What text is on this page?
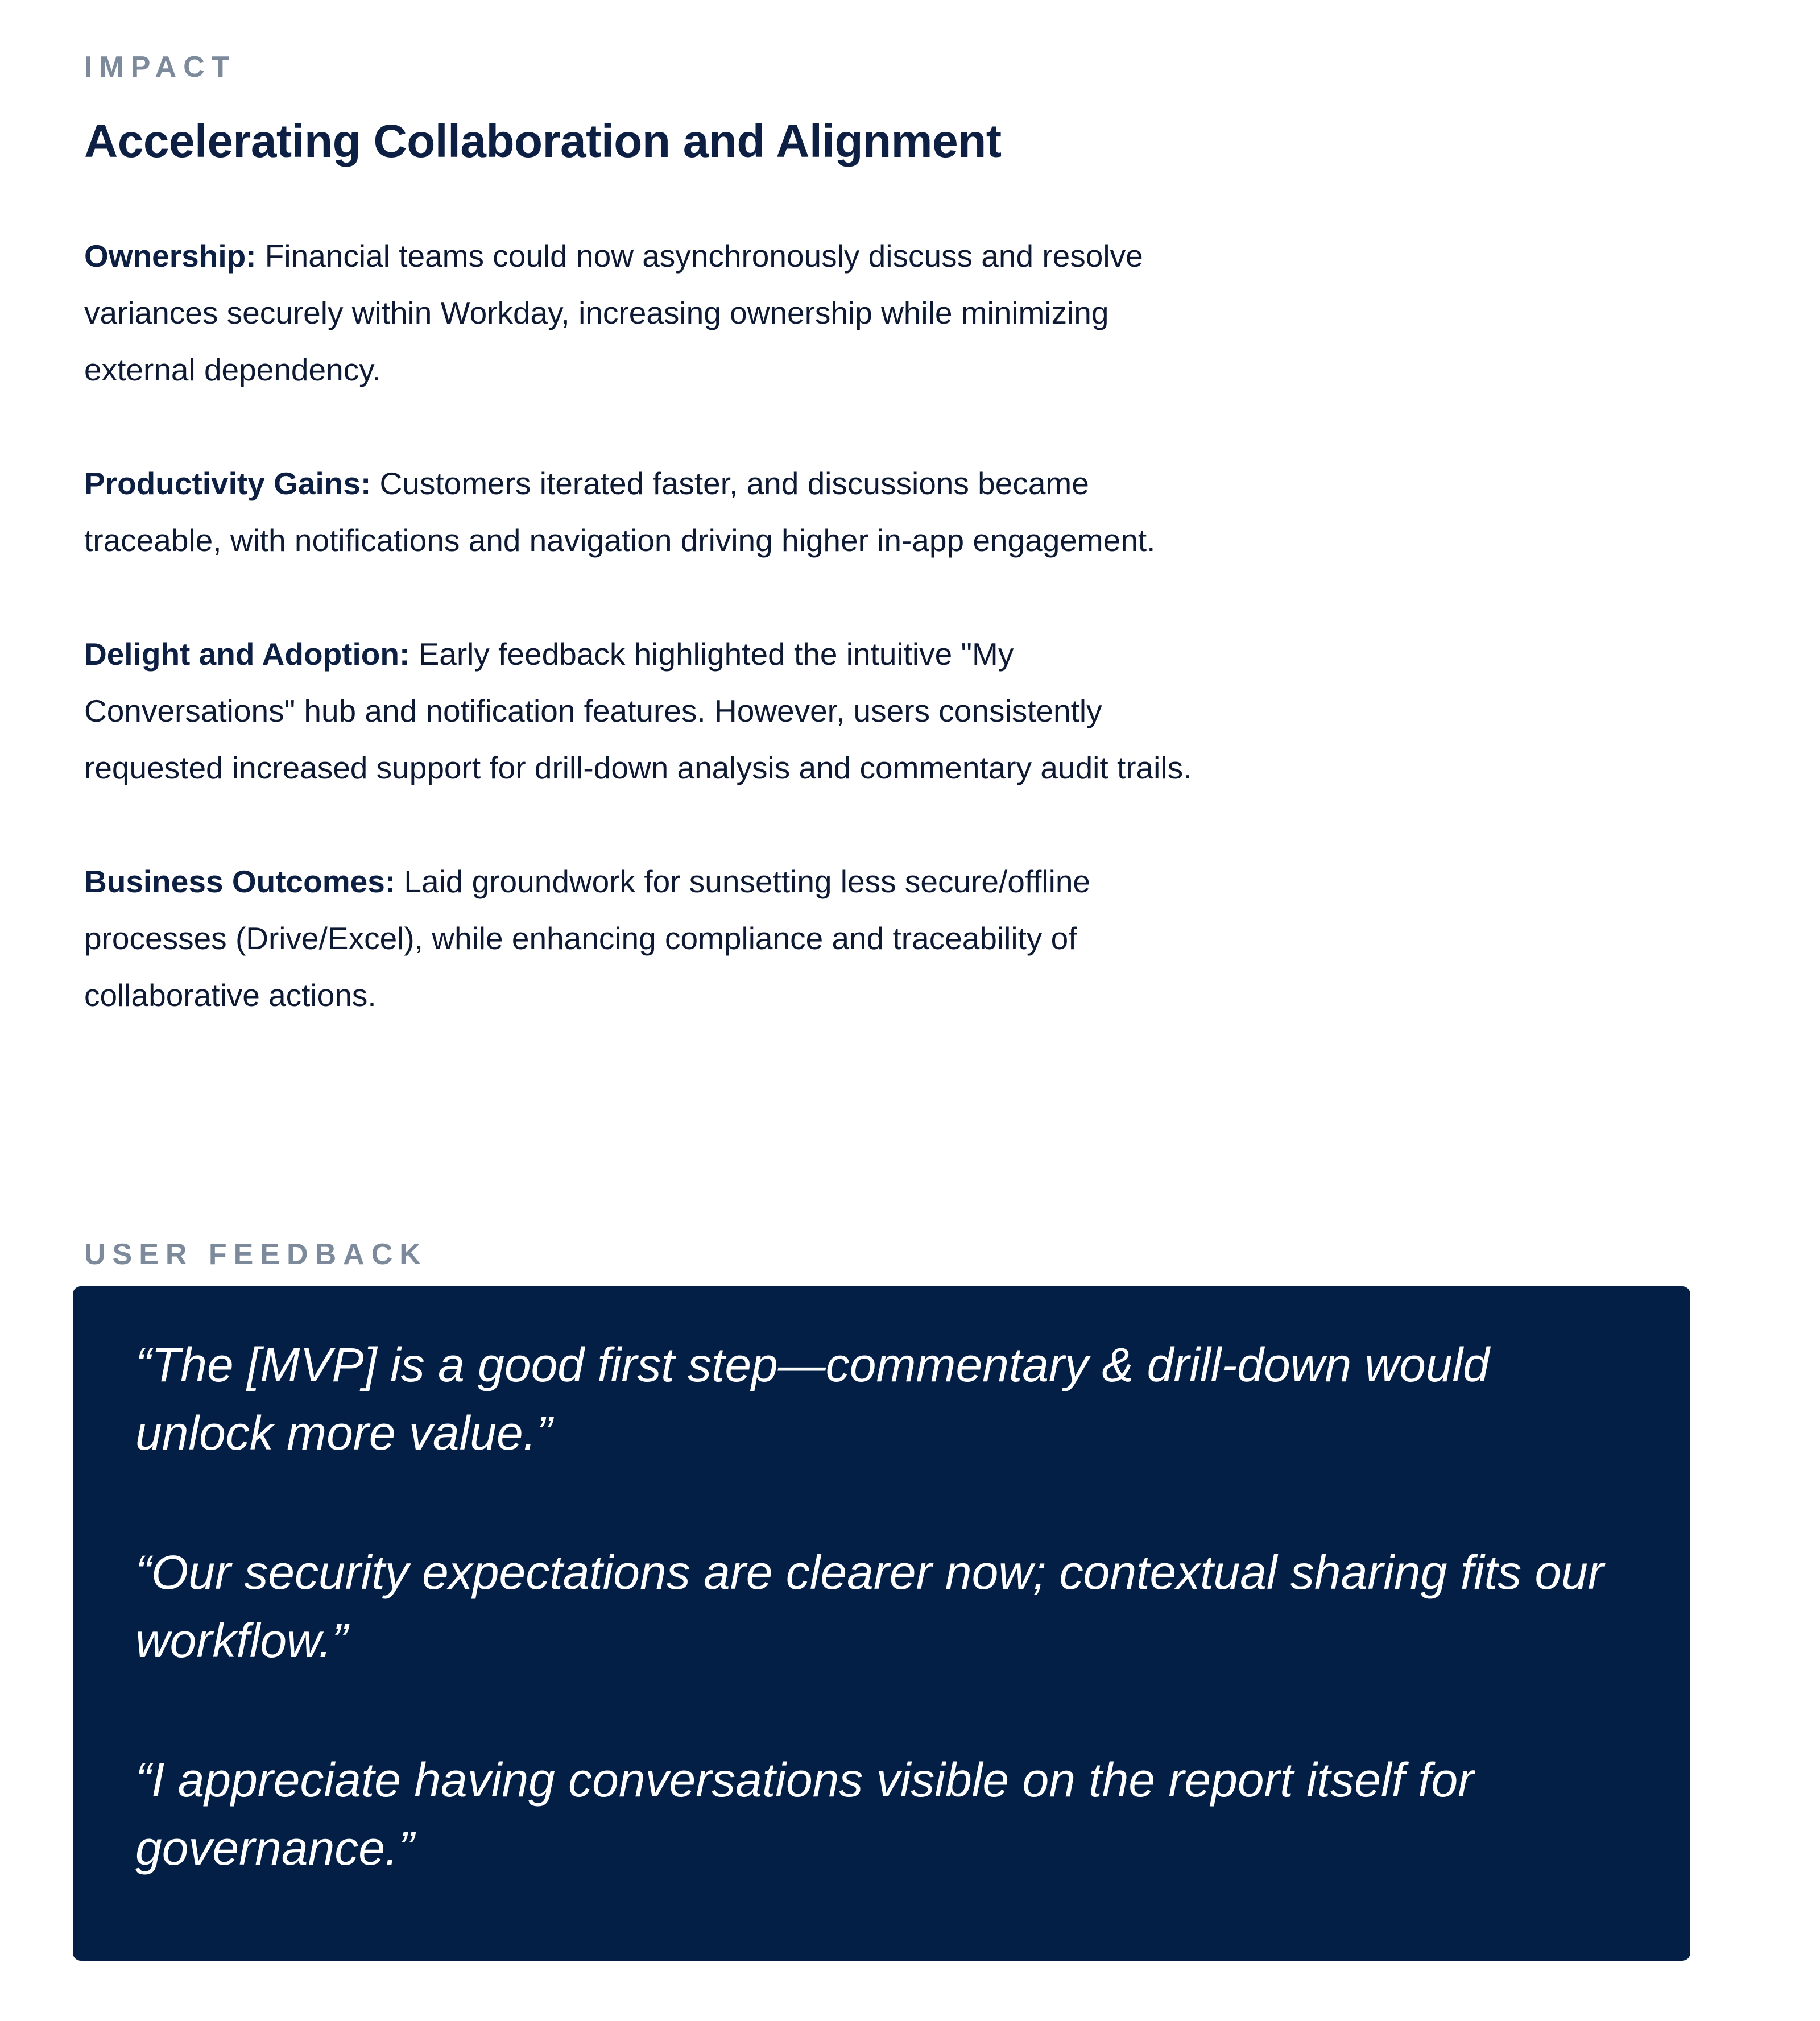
IMPACT
Accelerating Collaboration and Alignment

Ownership: Financial teams could now asynchronously discuss and resolve variances securely within Workday, increasing ownership while minimizing external dependency.

Productivity Gains: Customers iterated faster, and discussions became traceable, with notifications and navigation driving higher in-app engagement.

Delight and Adoption: Early feedback highlighted the intuitive "My Conversations" hub and notification features. However, users consistently requested increased support for drill-down analysis and commentary audit trails.

Business Outcomes: Laid groundwork for sunsetting less secure/offline processes (Drive/Excel), while enhancing compliance and traceability of collaborative actions.

USER FEEDBACK

“The [MVP] is a good first step—commentary & drill-down would unlock more value.”

“Our security expectations are clearer now; contextual sharing fits our workflow.”

“I appreciate having conversations visible on the report itself for governance.”
